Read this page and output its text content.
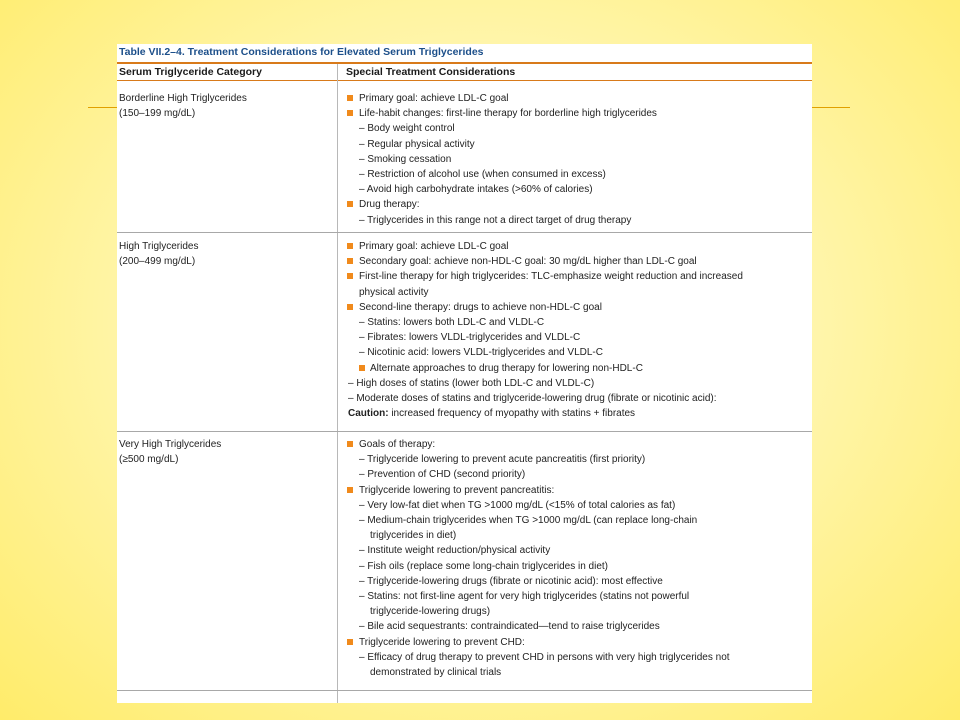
Table VII.2–4. Treatment Considerations for Elevated Serum Triglycerides
Serum Triglyceride Category	Special Treatment Considerations
Borderline High Triglycerides
(150–199 mg/dL)
Primary goal: achieve LDL-C goal
Life-habit changes: first-line therapy for borderline high triglycerides
– Body weight control
– Regular physical activity
– Smoking cessation
– Restriction of alcohol use (when consumed in excess)
– Avoid high carbohydrate intakes (>60% of calories)
Drug therapy:
– Triglycerides in this range not a direct target of drug therapy
High Triglycerides
(200–499 mg/dL)
Primary goal: achieve LDL-C goal
Secondary goal: achieve non-HDL-C goal: 30 mg/dL higher than LDL-C goal
First-line therapy for high triglycerides: TLC-emphasize weight reduction and increased
physical activity
Second-line therapy: drugs to achieve non-HDL-C goal
– Statins: lowers both LDL-C and VLDL-C
– Fibrates: lowers VLDL-triglycerides and VLDL-C
– Nicotinic acid: lowers VLDL-triglycerides and VLDL-C
Alternate approaches to drug therapy for lowering non-HDL-C
– High doses of statins (lower both LDL-C and VLDL-C)
– Moderate doses of statins and triglyceride-lowering drug (fibrate or nicotinic acid):
Caution: increased frequency of myopathy with statins + fibrates
Very High Triglycerides
(≥500 mg/dL)
Goals of therapy:
– Triglyceride lowering to prevent acute pancreatitis (first priority)
– Prevention of CHD (second priority)
Triglyceride lowering to prevent pancreatitis:
– Very low-fat diet when TG >1000 mg/dL (<15% of total calories as fat)
– Medium-chain triglycerides when TG >1000 mg/dL (can replace long-chain
triglycerides in diet)
– Institute weight reduction/physical activity
– Fish oils (replace some long-chain triglycerides in diet)
– Triglyceride-lowering drugs (fibrate or nicotinic acid): most effective
– Statins: not first-line agent for very high triglycerides (statins not powerful
triglyceride-lowering drugs)
– Bile acid sequestrants: contraindicated—tend to raise triglycerides
Triglyceride lowering to prevent CHD:
– Efficacy of drug therapy to prevent CHD in persons with very high triglycerides not
demonstrated by clinical trials
